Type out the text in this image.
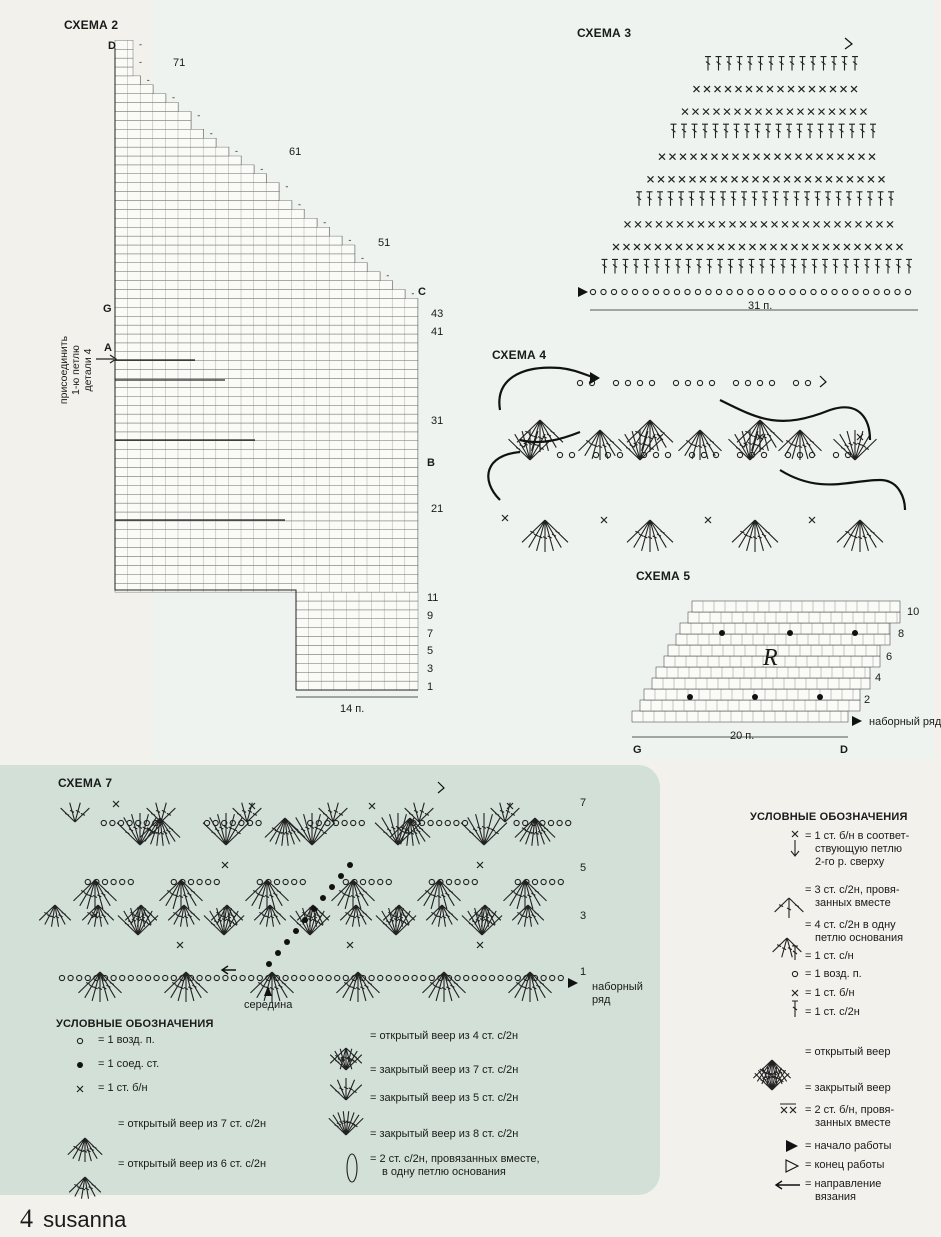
СХЕМА 2
-
-
-
-
-
-
-
-
-
-
-
-
-
-
-
D
G
C
A
B
71
61
51
43
41
31
21
11
9
7
5
3
1
присоединить 1-ю петлю детали 4
14 п.
СХЕМА 3
31 п.
СХЕМА 4
СХЕМА 5
10
8
6
4
2
наборный ряд
20 п.
G	D
R
СХЕМА 7
7
5
3
1
середина
наборный
ряд
УСЛОВНЫЕ ОБОЗНАЧЕНИЯ
= 1 возд. п.
= 1 соед. ст.
= 1 ст. б/н
= открытый веер из 7 ст. с/2н
= открытый веер из 6 ст. с/2н
= открытый веер из 4 ст. с/2н
= закрытый веер из 7 ст. с/2н
= закрытый веер из 5 ст. с/2н
= закрытый веер из 8 ст. с/2н
= 2 ст. с/2н, провязанных вместе,
в одну петлю основания
УСЛОВНЫЕ ОБОЗНАЧЕНИЯ
= 1 ст. б/н в соответ-
ствующую петлю
2-го р. сверху
= 3 ст. с/2н, провя-
занных вместе
= 4 ст. с/2н в одну
петлю основания
= 1 ст. с/н
= 1 возд. п.
= 1 ст. б/н
= 1 ст. с/2н
= открытый веер
= закрытый веер
= 2 ст. б/н, провя-
занных вместе
= начало работы
= конец работы
= направление
вязания
4 susanna
